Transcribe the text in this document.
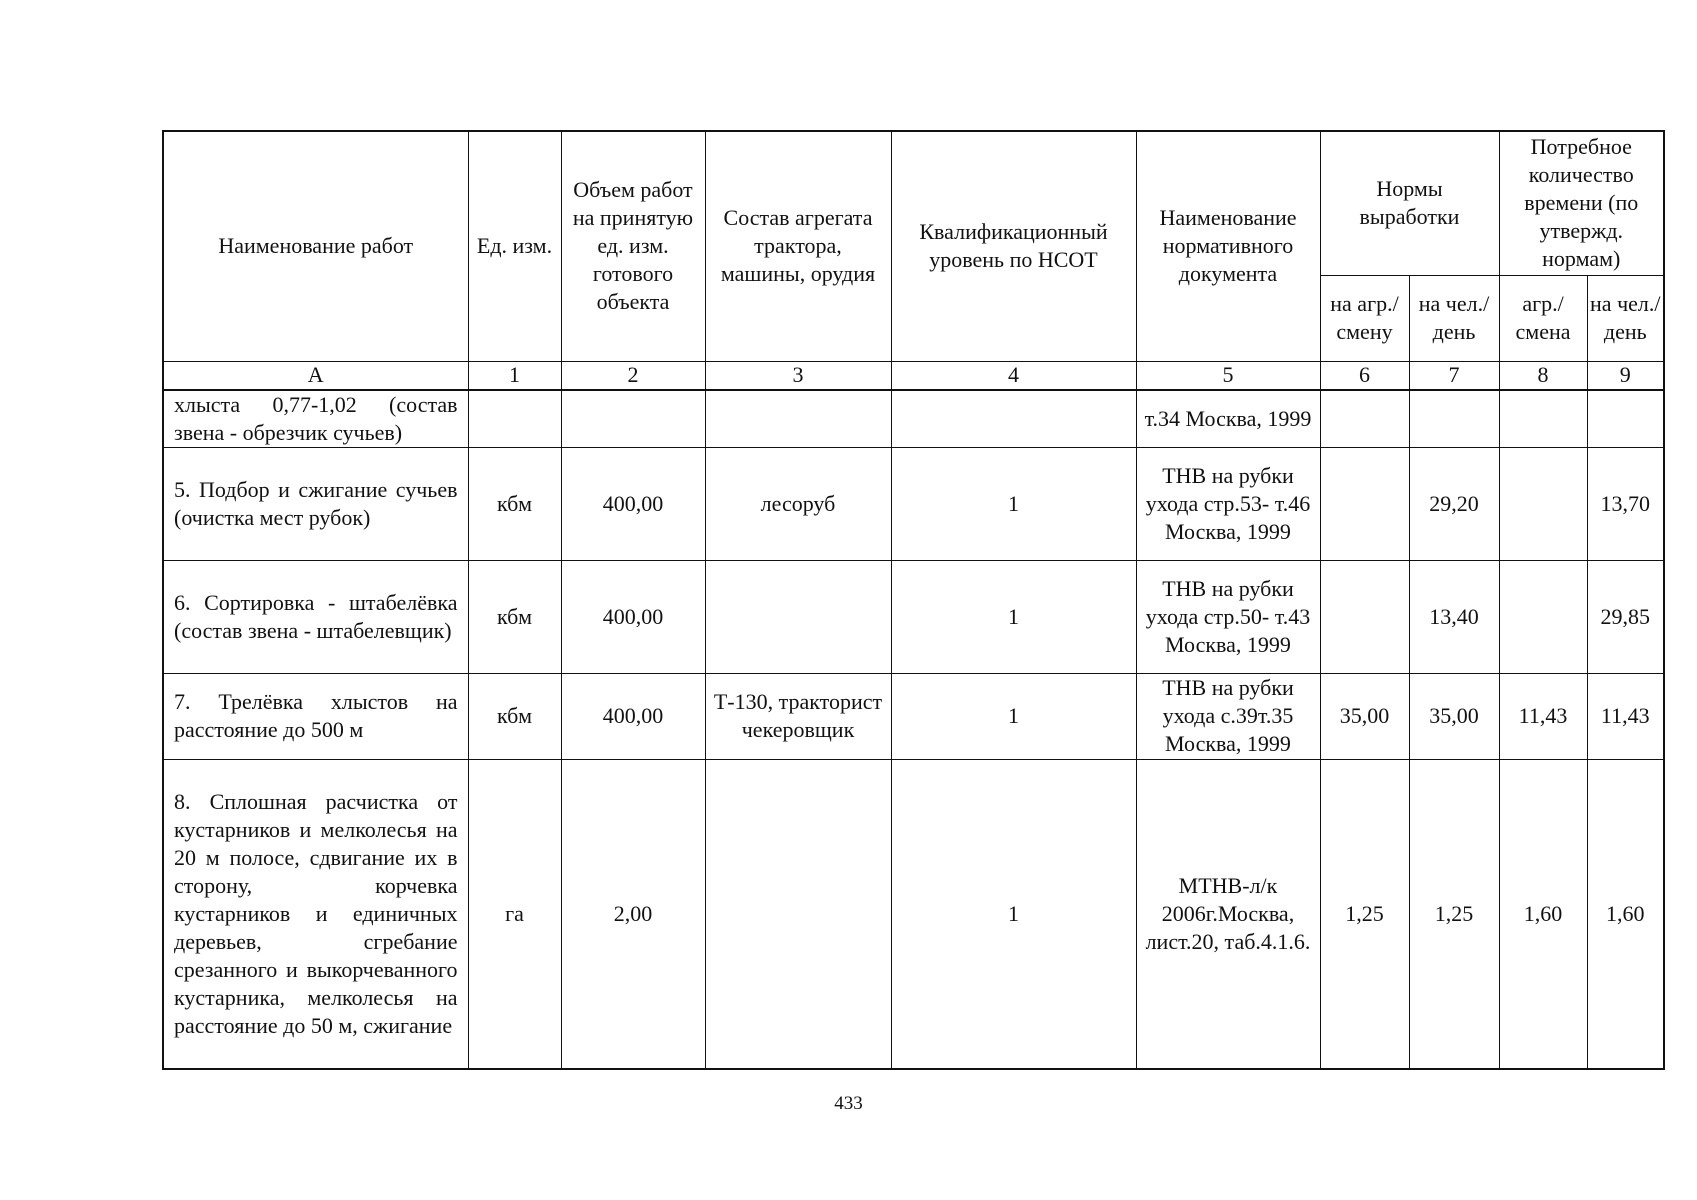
Наименование работ	Ед. изм.	Объем работ на принятую ед. изм. готового объекта	Состав агрегата трактора, машины, орудия	Квалификационный уровень по НСОТ	Наименование нормативного документа	Нормы выработки		Потребное количество времени (по утвержд. нормам)	
						на агр./ смену	на чел./ день	агр./ смена	на чел./ день
А	1	2	3	4	5	6	7	8	9
хлыста 0,77-1,02 (состав звена - обрезчик сучьев)					т.34 Москва, 1999				
5. Подбор и сжигание сучьев (очистка мест рубок)	кбм	400,00	лесоруб	1	ТНВ на рубки ухода стр.53- т.46 Москва, 1999		29,20		13,70
6. Сортировка - штабелёвка (состав звена - штабелевщик)	кбм	400,00		1	ТНВ на рубки ухода стр.50- т.43 Москва, 1999		13,40		29,85
7. Трелёвка хлыстов на расстояние до 500 м	кбм	400,00	Т-130, тракторист чекеровщик	1	ТНВ на рубки ухода с.39т.35 Москва, 1999	35,00	35,00	11,43	11,43
8. Сплошная расчистка от кустарников и мелколесья на 20 м полосе, сдвигание их в сторону, корчевка кустарников и единичных деревьев, сгребание срезанного и выкорчеванного кустарника, мелколесья на расстояние до 50 м, сжигание	га	2,00		1	МТНВ-л/к 2006г.Москва, лист.20, таб.4.1.6.	1,25	1,25	1,60	1,60
433
